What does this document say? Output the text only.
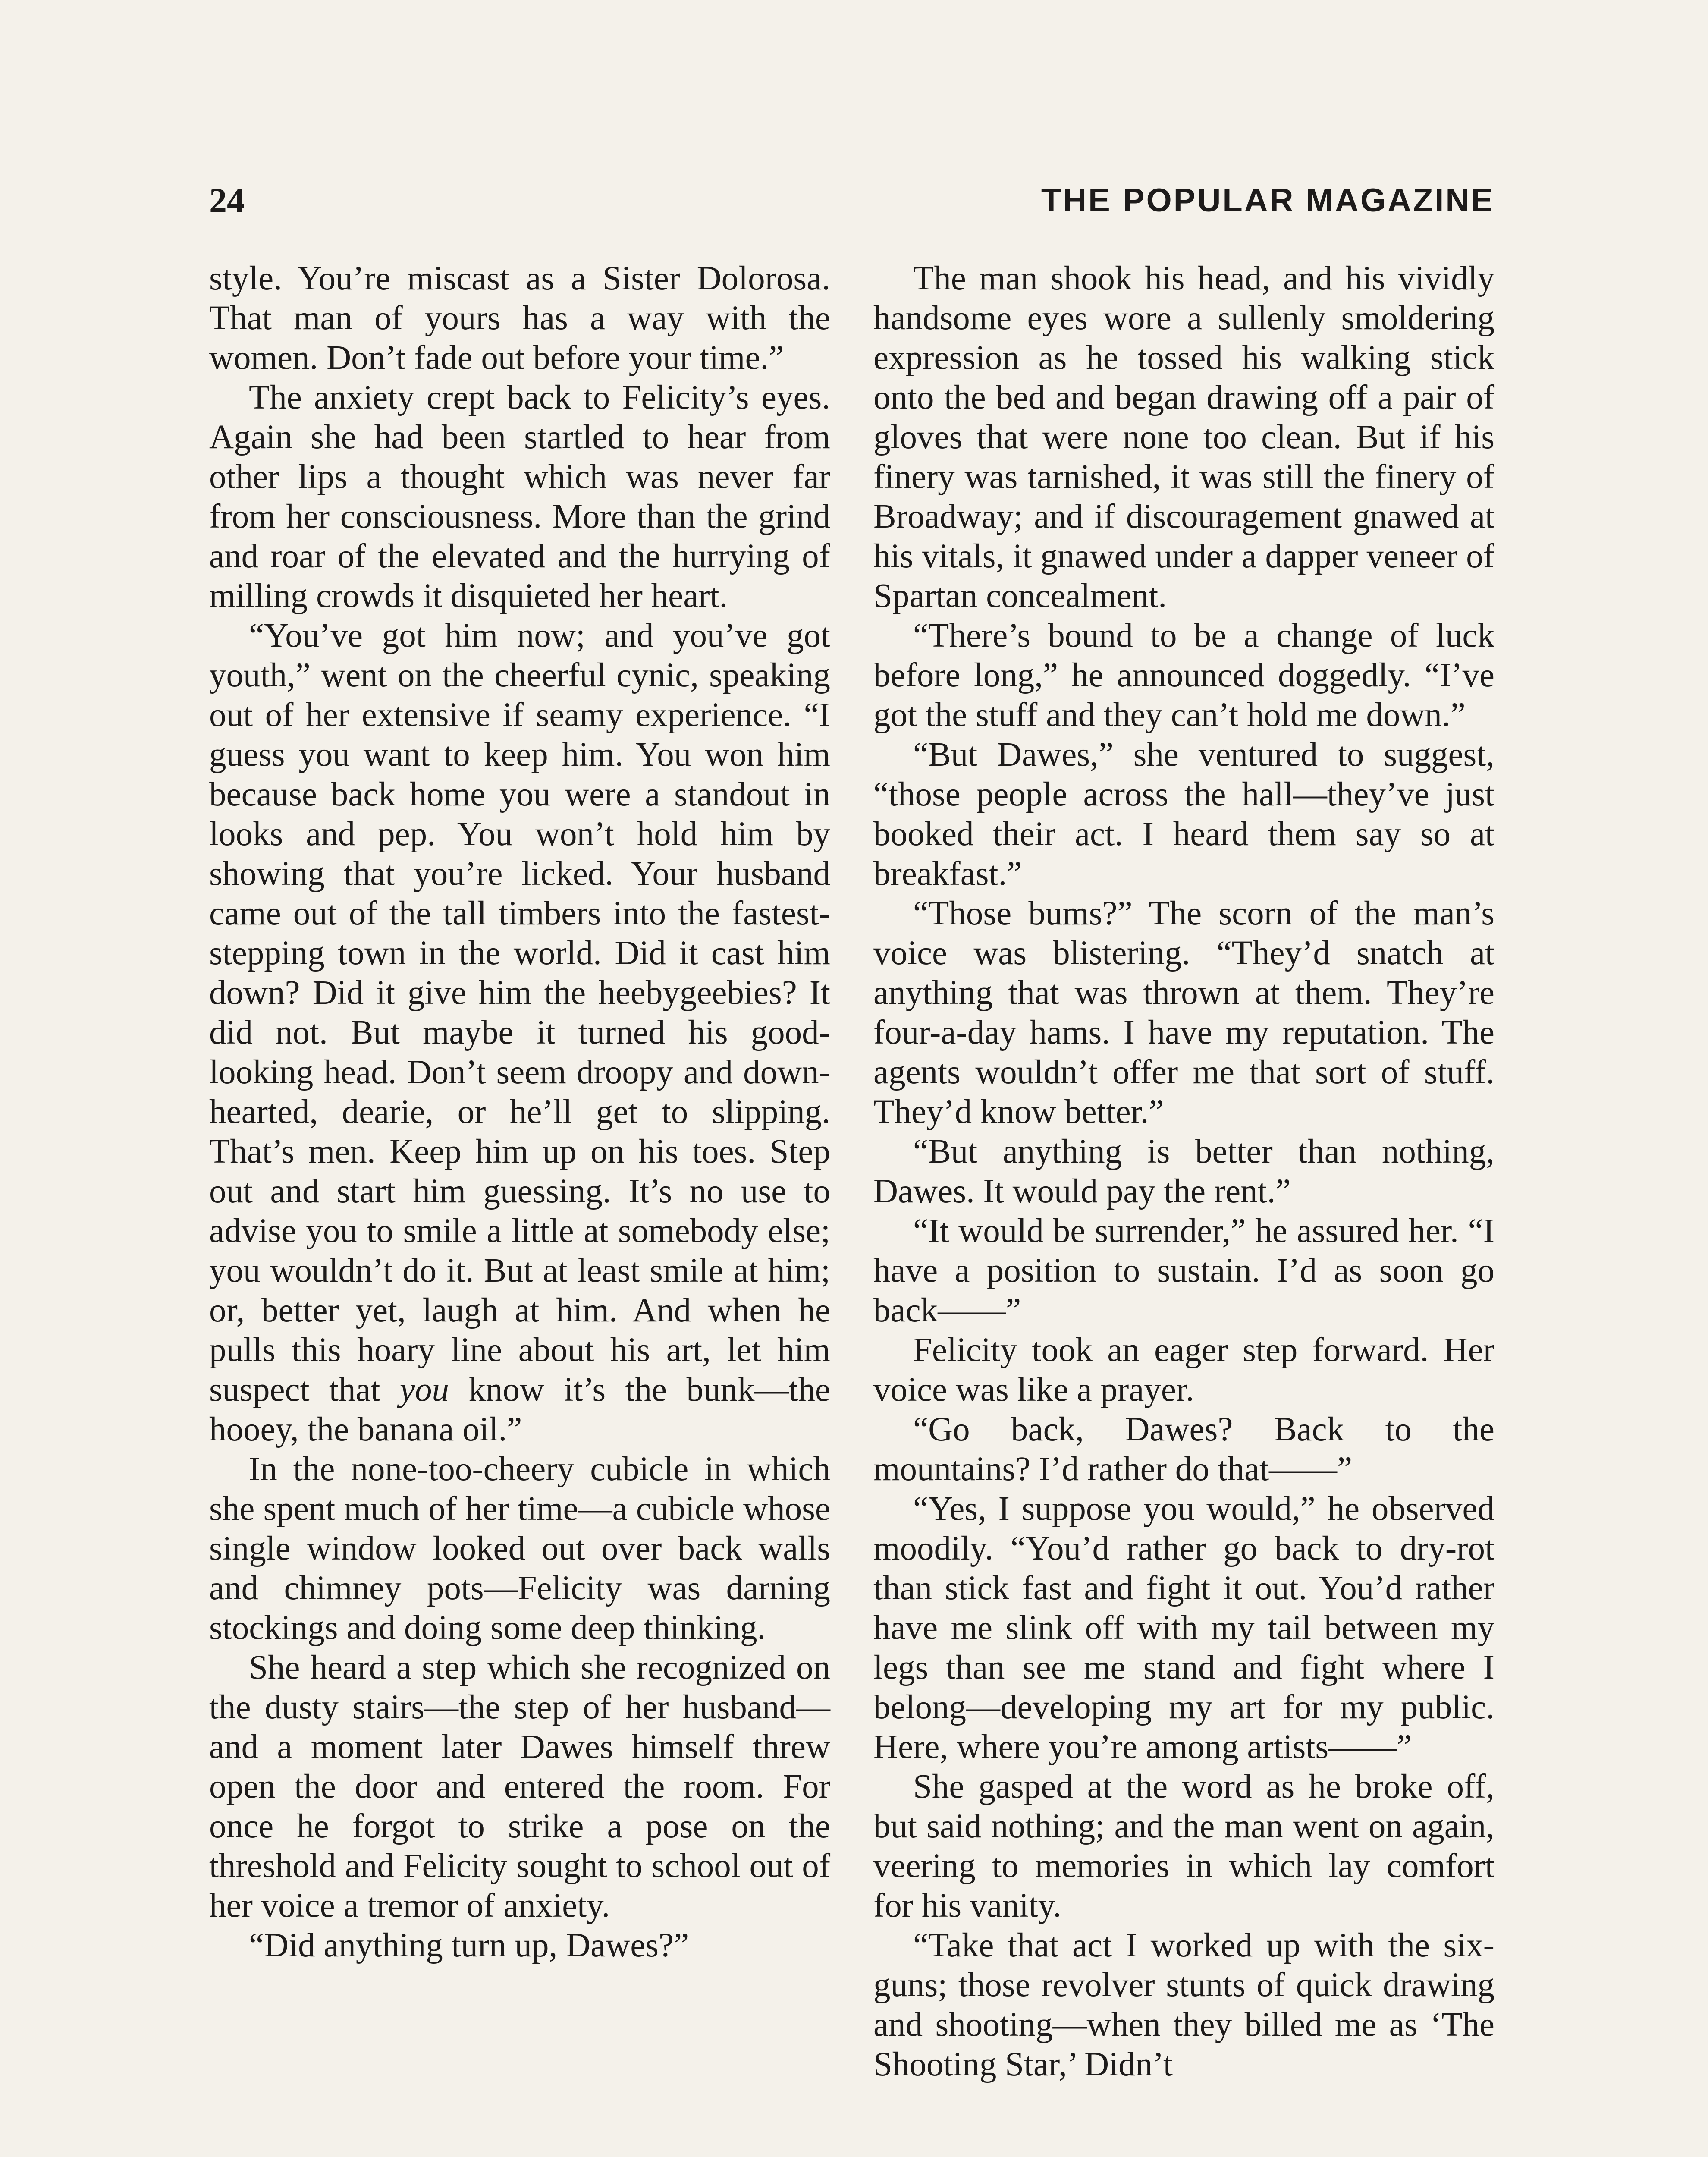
24	THE POPULAR MAGAZINE

style. You’re miscast as a Sister Dolorosa. That man of yours has a way with the women. Don’t fade out before your time.”

The anxiety crept back to Felicity’s eyes. Again she had been startled to hear from other lips a thought which was never far from her consciousness. More than the grind and roar of the elevated and the hurrying of milling crowds it disquieted her heart.

“You’ve got him now; and you’ve got youth,” went on the cheerful cynic, speaking out of her extensive if seamy experience. “I guess you want to keep him. You won him because back home you were a standout in looks and pep. You won’t hold him by showing that you’re licked. Your husband came out of the tall timbers into the fastest-stepping town in the world. Did it cast him down? Did it give him the heebygeebies? It did not. But maybe it turned his good-looking head. Don’t seem droopy and down-hearted, dearie, or he’ll get to slipping. That’s men. Keep him up on his toes. Step out and start him guessing. It’s no use to advise you to smile a little at somebody else; you wouldn’t do it. But at least smile at him; or, better yet, laugh at him. And when he pulls this hoary line about his art, let him suspect that you know it’s the bunk—the hooey, the banana oil.”

In the none-too-cheery cubicle in which she spent much of her time—a cubicle whose single window looked out over back walls and chimney pots—Felicity was darning stockings and doing some deep thinking.

She heard a step which she recognized on the dusty stairs—the step of her husband—and a moment later Dawes himself threw open the door and entered the room. For once he forgot to strike a pose on the threshold and Felicity sought to school out of her voice a tremor of anxiety.

“Did anything turn up, Dawes?”

The man shook his head, and his vividly handsome eyes wore a sullenly smoldering expression as he tossed his walking stick onto the bed and began drawing off a pair of gloves that were none too clean. But if his finery was tarnished, it was still the finery of Broadway; and if discouragement gnawed at his vitals, it gnawed under a dapper veneer of Spartan concealment.

“There’s bound to be a change of luck before long,” he announced doggedly. “I’ve got the stuff and they can’t hold me down.”

“But Dawes,” she ventured to suggest, “those people across the hall—they’ve just booked their act. I heard them say so at breakfast.”

“Those bums?” The scorn of the man’s voice was blistering. “They’d snatch at anything that was thrown at them. They’re four-a-day hams. I have my reputation. The agents wouldn’t offer me that sort of stuff. They’d know better.”

“But anything is better than nothing, Dawes. It would pay the rent.”

“It would be surrender,” he assured her. “I have a position to sustain. I’d as soon go back——”

Felicity took an eager step forward. Her voice was like a prayer.

“Go back, Dawes? Back to the mountains? I’d rather do that——”

“Yes, I suppose you would,” he observed moodily. “You’d rather go back to dry-rot than stick fast and fight it out. You’d rather have me slink off with my tail between my legs than see me stand and fight where I belong—developing my art for my public. Here, where you’re among artists——”

She gasped at the word as he broke off, but said nothing; and the man went on again, veering to memories in which lay comfort for his vanity.

“Take that act I worked up with the six-guns; those revolver stunts of quick drawing and shooting—when they billed me as ‘The Shooting Star,’ Didn’t
